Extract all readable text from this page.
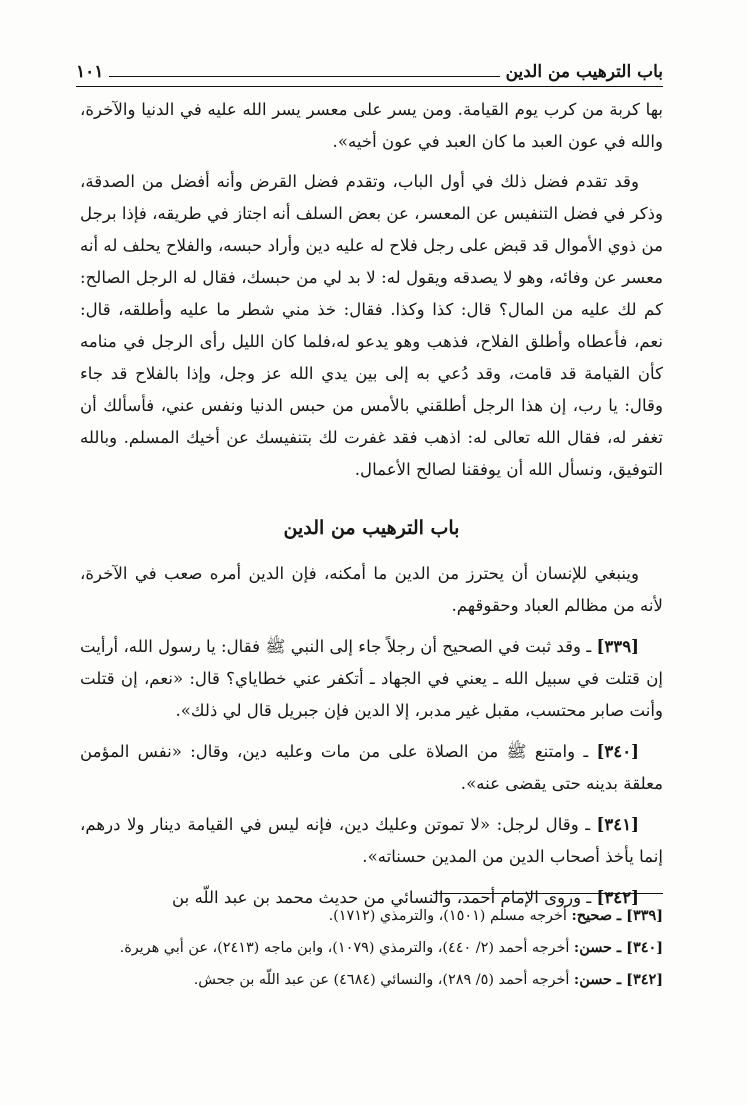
باب الترهيب من الدين
١٠١

بها كربة من كرب يوم القيامة. ومن يسر على معسر يسر الله عليه في الدنيا والآخرة، والله في عون العبد ما كان العبد في عون أخيه».

وقد تقدم فضل ذلك في أول الباب، وتقدم فضل القرض وأنه أفضل من الصدقة، وذكر في فضل التنفيس عن المعسر، عن بعض السلف أنه اجتاز في طريقه، فإذا برجل من ذوي الأموال قد قبض على رجل فلاح له عليه دين وأراد حبسه، والفلاح يحلف له أنه معسر عن وفائه، وهو لا يصدقه ويقول له: لا بد لي من حبسك، فقال له الرجل الصالح: كم لك عليه من المال؟ قال: كذا وكذا. فقال: خذ مني شطر ما عليه وأطلقه، قال: نعم، فأعطاه وأطلق الفلاح، فذهب وهو يدعو له،فلما كان الليل رأى الرجل في منامه كأن القيامة قد قامت، وقد دُعي به إلى بين يدي الله عز وجل، وإذا بالفلاح قد جاء وقال: يا رب، إن هذا الرجل أطلقني بالأمس من حبس الدنيا ونفس عني، فأسألك أن تغفر له، فقال الله تعالى له: اذهب فقد غفرت لك بتنفيسك عن أخيك المسلم. وبالله التوفيق، ونسأل الله أن يوفقنا لصالح الأعمال.

باب الترهيب من الدين

وينبغي للإنسان أن يحترز من الدين ما أمكنه، فإن الدين أمره صعب في الآخرة، لأنه من مظالم العباد وحقوقهم.

[٣٣٩] ـ وقد ثبت في الصحيح أن رجلاً جاء إلى النبي ﷺ فقال: يا رسول الله، أرأيت إن قتلت في سبيل الله ـ يعني في الجهاد ـ أتكفر عني خطاياي؟ قال: «نعم، إن قتلت وأنت صابر محتسب، مقبل غير مدبر، إلا الدين فإن جبريل قال لي ذلك».

[٣٤٠] ـ وامتنع ﷺ من الصلاة على من مات وعليه دين، وقال: «نفس المؤمن معلقة بدينه حتى يقضى عنه».

[٣٤١] ـ وقال لرجل: «لا تموتن وعليك دين، فإنه ليس في القيامة دينار ولا درهم، إنما يأخذ أصحاب الدين من المدين حسناته».

[٣٤٢] ـ وروى الإمام أحمد، والنسائي من حديث محمد بن عبد اللّه بن

[٣٣٩] ـ صحيح: أخرجه مسلم (١٥٠١)، والترمذي (١٧١٢).

[٣٤٠] ـ حسن: أخرجه أحمد (٢/ ٤٤٠)، والترمذي (١٠٧٩)، وابن ماجه (٢٤١٣)، عن أبي هريرة.

[٣٤٢] ـ حسن: أخرجه أحمد (٥/ ٢٨٩)، والنسائي (٤٦٨٤) عن عبد اللّه بن جحش.
